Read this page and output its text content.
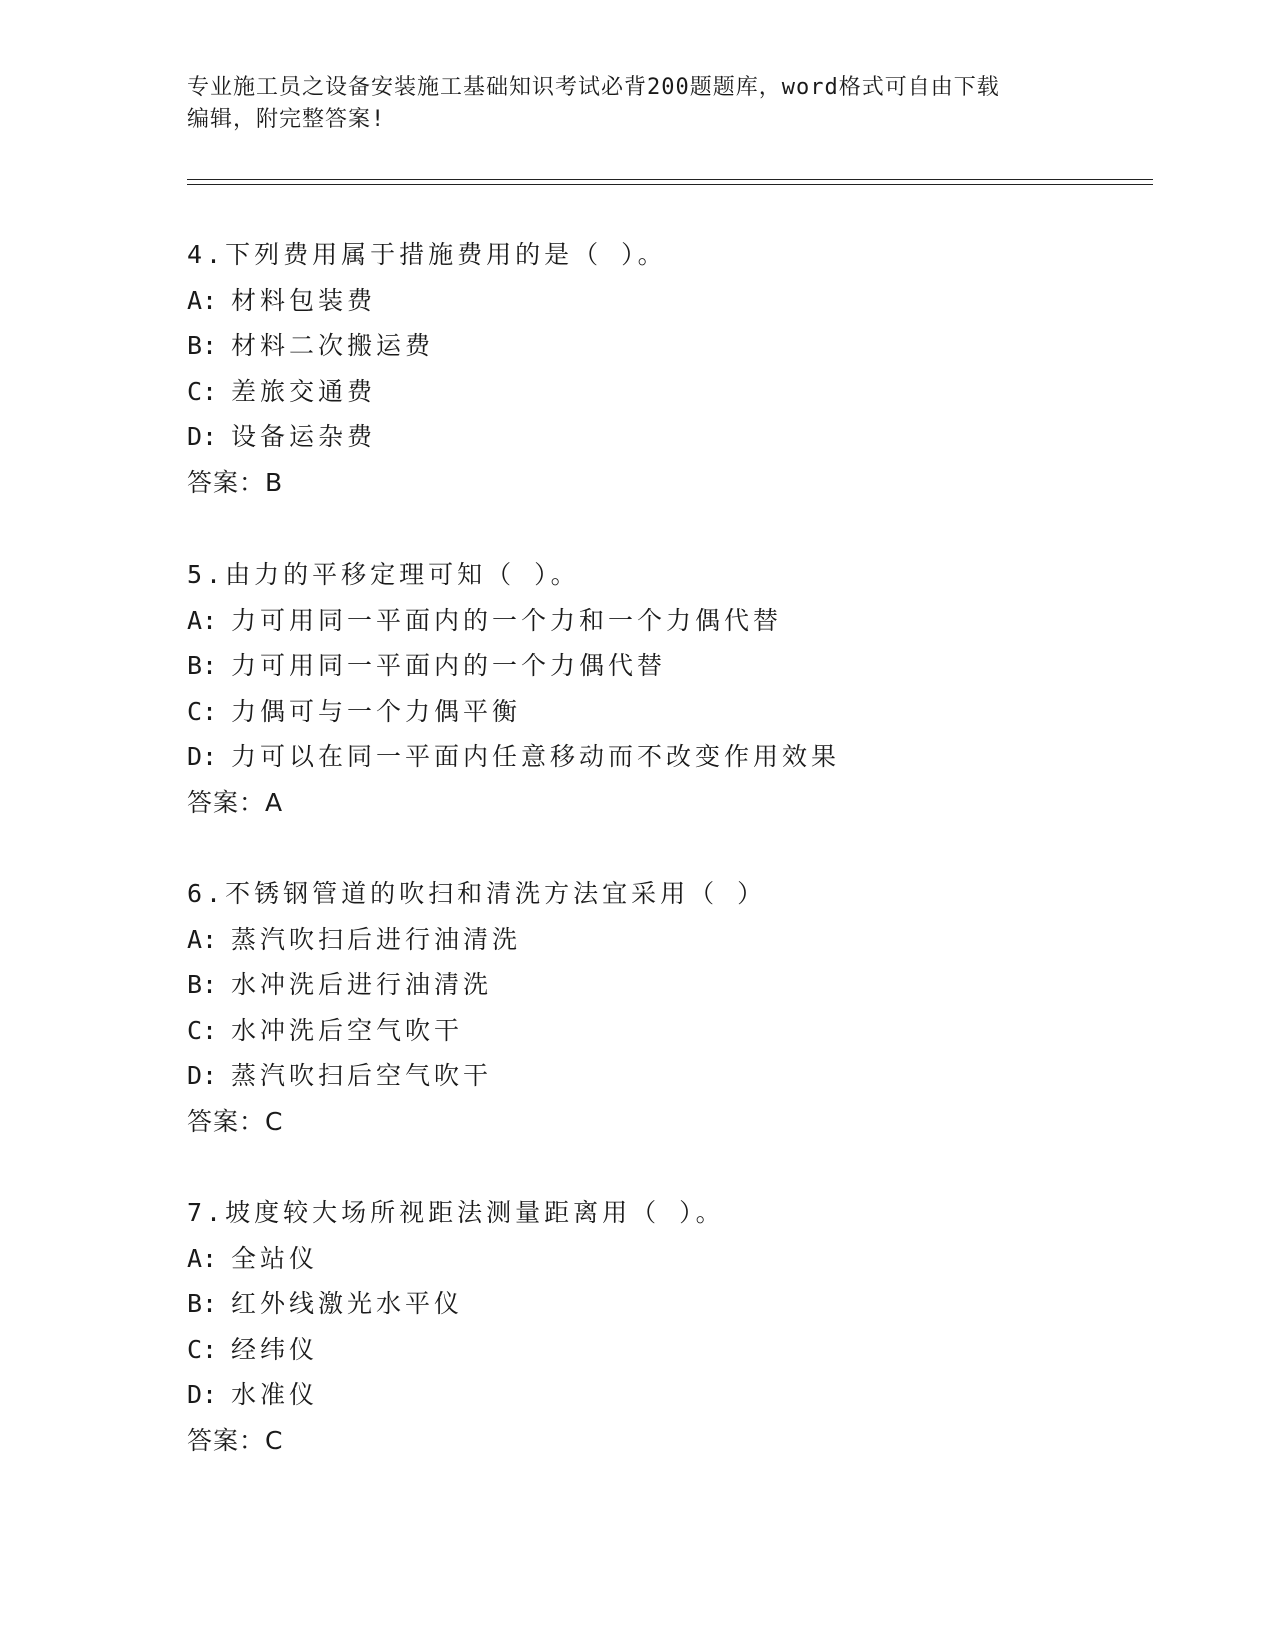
专业施工员之设备安装施工基础知识考试必背200题题库，word格式可自由下载
编辑，附完整答案!
4.下列费用属于措施费用的是（ ）。
A: 材料包装费
B: 材料二次搬运费
C: 差旅交通费
D: 设备运杂费
答案：B
5.由力的平移定理可知（ ）。
A: 力可用同一平面内的一个力和一个力偶代替
B: 力可用同一平面内的一个力偶代替
C: 力偶可与一个力偶平衡
D: 力可以在同一平面内任意移动而不改变作用效果
答案：A
6.不锈钢管道的吹扫和清洗方法宜采用（ ）
A: 蒸汽吹扫后进行油清洗
B: 水冲洗后进行油清洗
C: 水冲洗后空气吹干
D: 蒸汽吹扫后空气吹干
答案：C
7.坡度较大场所视距法测量距离用（ ）。
A: 全站仪
B: 红外线激光水平仪
C: 经纬仪
D: 水准仪
答案：C
